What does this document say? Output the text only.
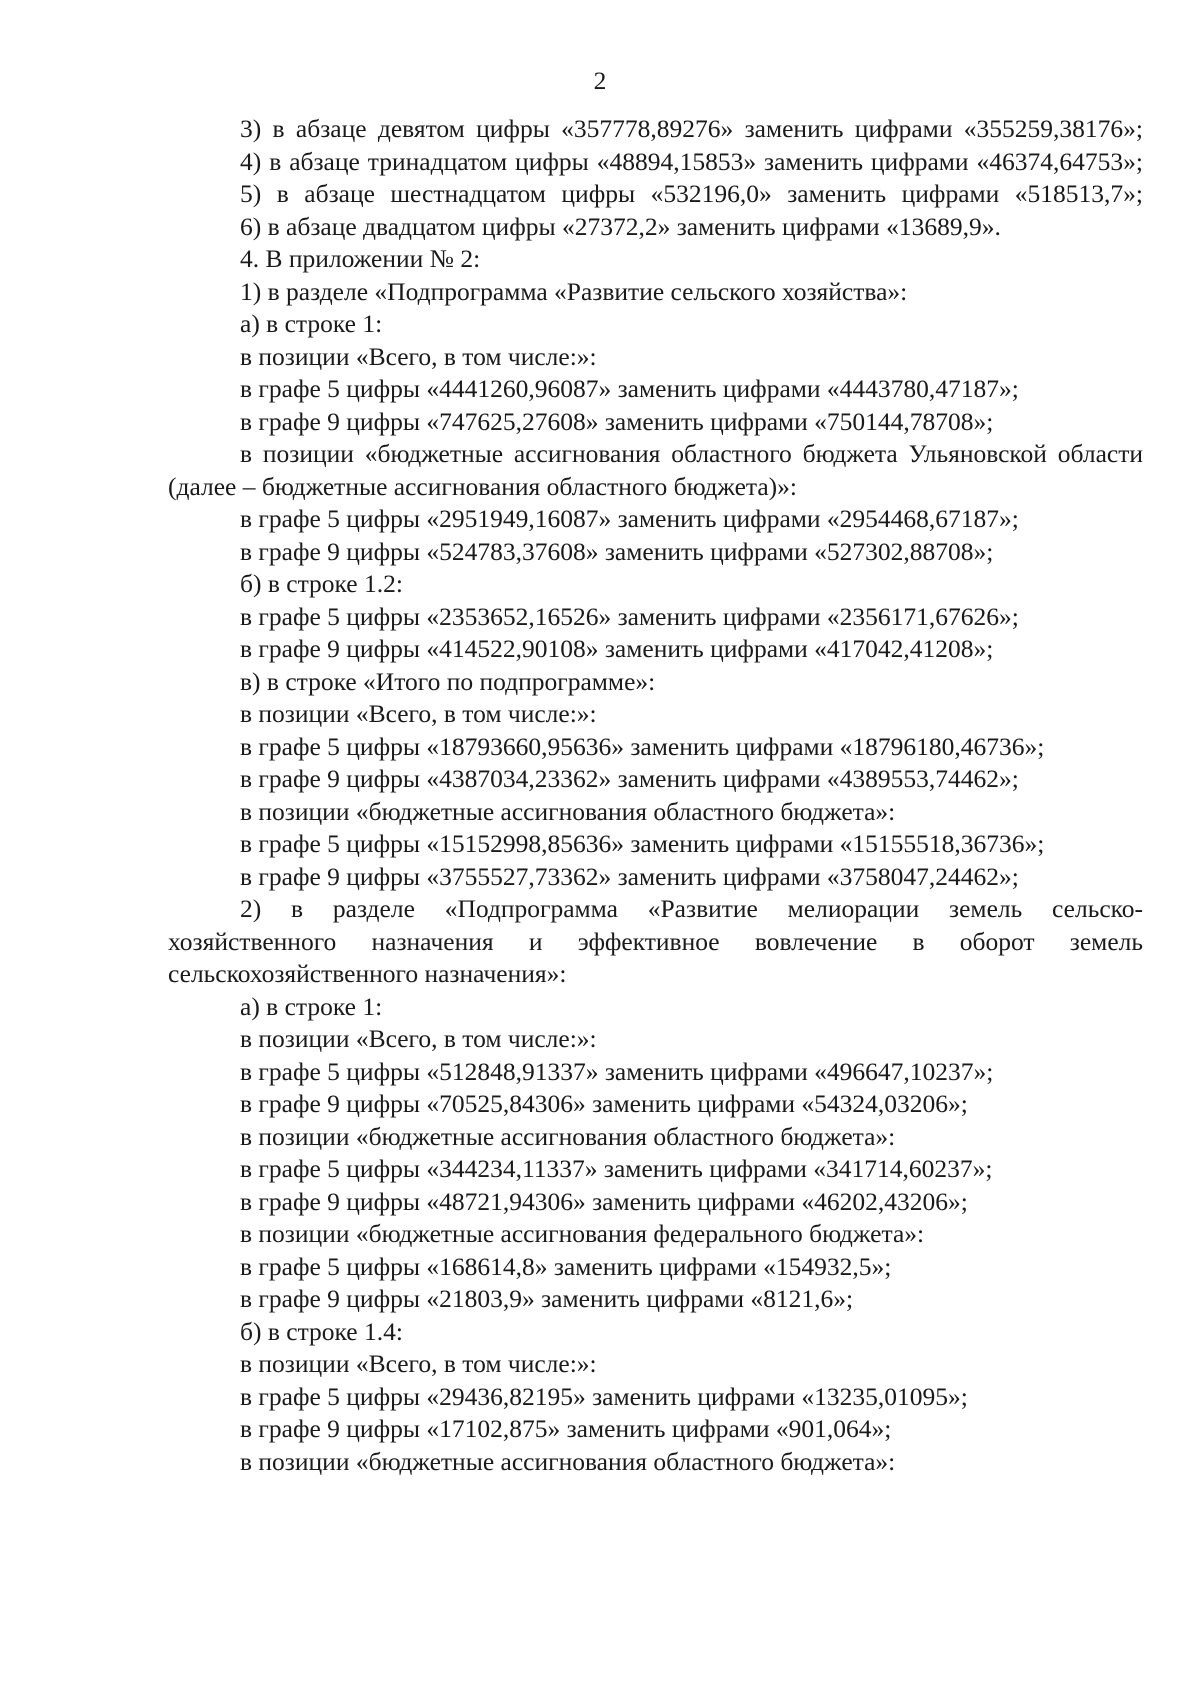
2

3) в абзаце девятом цифры «357778,89276» заменить цифрами «355259,38176»;

4) в абзаце тринадцатом цифры «48894,15853» заменить цифрами «46374,64753»;

5) в абзаце шестнадцатом цифры «532196,0» заменить цифрами «518513,7»;

6) в абзаце двадцатом цифры «27372,2» заменить цифрами «13689,9».

4. В приложении № 2:

1) в разделе «Подпрограмма «Развитие сельского хозяйства»:

а) в строке 1:

в позиции «Всего, в том числе:»:

в графе 5 цифры «4441260,96087» заменить цифрами «4443780,47187»;

в графе 9 цифры «747625,27608» заменить цифрами «750144,78708»;

в позиции «бюджетные ассигнования областного бюджета Ульяновской области (далее – бюджетные ассигнования областного бюджета)»:

в графе 5 цифры «2951949,16087» заменить цифрами «2954468,67187»;

в графе 9 цифры «524783,37608» заменить цифрами «527302,88708»;

б) в строке 1.2:

в графе 5 цифры «2353652,16526» заменить цифрами «2356171,67626»;

в графе 9 цифры «414522,90108» заменить цифрами «417042,41208»;

в) в строке «Итого по подпрограмме»:

в позиции «Всего, в том числе:»:

в графе 5 цифры «18793660,95636» заменить цифрами «18796180,46736»;

в графе 9 цифры «4387034,23362» заменить цифрами «4389553,74462»;

в позиции «бюджетные ассигнования областного бюджета»:

в графе 5 цифры «15152998,85636» заменить цифрами «15155518,36736»;

в графе 9 цифры «3755527,73362» заменить цифрами «3758047,24462»;

2) в разделе «Подпрограмма «Развитие мелиорации земель сельско-хозяйственного назначения и эффективное вовлечение в оборот земель сельскохозяйственного назначения»:

а) в строке 1:

в позиции «Всего, в том числе:»:

в графе 5 цифры «512848,91337» заменить цифрами «496647,10237»;

в графе 9 цифры «70525,84306» заменить цифрами «54324,03206»;

в позиции «бюджетные ассигнования областного бюджета»:

в графе 5 цифры «344234,11337» заменить цифрами «341714,60237»;

в графе 9 цифры «48721,94306» заменить цифрами «46202,43206»;

в позиции «бюджетные ассигнования федерального бюджета»:

в графе 5 цифры «168614,8» заменить цифрами «154932,5»;

в графе 9 цифры «21803,9» заменить цифрами «8121,6»;

б) в строке 1.4:

в позиции «Всего, в том числе:»:

в графе 5 цифры «29436,82195» заменить цифрами «13235,01095»;

в графе 9 цифры «17102,875» заменить цифрами «901,064»;

в позиции «бюджетные ассигнования областного бюджета»:
